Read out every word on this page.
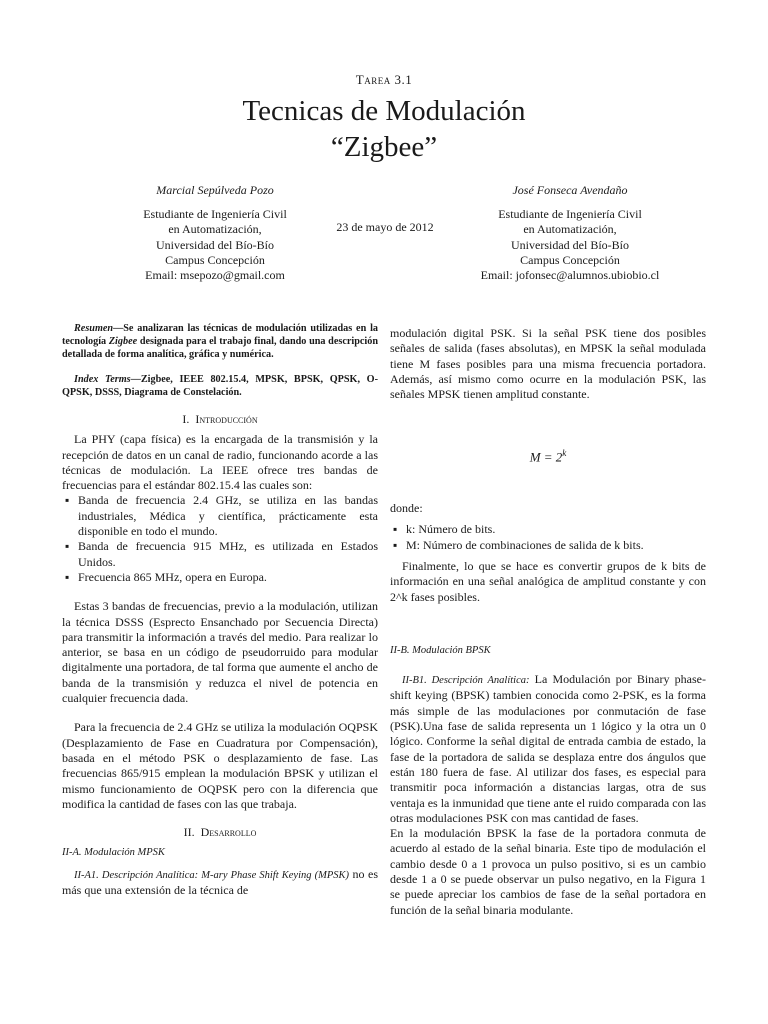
Tarea 3.1
Tecnicas de Modulación
“Zigbee”
Marcial Sepúlveda Pozo
Estudiante de Ingeniería Civil
en Automatización,
Universidad del Bío-Bío
Campus Concepción
Email: msepozo@gmail.com
23 de mayo de 2012
José Fonseca Avendaño
Estudiante de Ingeniería Civil
en Automatización,
Universidad del Bío-Bío
Campus Concepción
Email: jofonsec@alumnos.ubiobio.cl

Resumen—Se analizaran las técnicas de modulación utilizadas en la tecnología Zigbee designada para el trabajo final, dando una descripción detallada de forma analítica, gráfica y numérica.

Index Terms—Zigbee, IEEE 802.15.4, MPSK, BPSK, QPSK, O-QPSK, DSSS, Diagrama de Constelación.

I. Introducción

La PHY (capa física) es la encargada de la transmisión y la recepción de datos en un canal de radio, funcionando acorde a las técnicas de modulación. La IEEE ofrece tres bandas de frecuencias para el estándar 802.15.4 las cuales son:

▪ Banda de frecuencia 2.4 GHz, se utiliza en las bandas industriales, Médica y científica, prácticamente esta disponible en todo el mundo.
▪ Banda de frecuencia 915 MHz, es utilizada en Estados Unidos.
▪ Frecuencia 865 MHz, opera en Europa.

Estas 3 bandas de frecuencias, previo a la modulación, utilizan la técnica DSSS (Esprecto Ensanchado por Secuencia Directa) para transmitir la información a través del medio. Para realizar lo anterior, se basa en un código de pseudorruido para modular digitalmente una portadora, de tal forma que aumente el ancho de banda de la transmisión y reduzca el nivel de potencia en cualquier frecuencia dada.

Para la frecuencia de 2.4 GHz se utiliza la modulación OQPSK (Desplazamiento de Fase en Cuadratura por Compensación), basada en el método PSK o desplazamiento de fase. Las frecuencias 865/915 emplean la modulación BPSK y utilizan el mismo funcionamiento de OQPSK pero con la diferencia que modifica la cantidad de fases con las que trabaja.

II. Desarrollo
II-A. Modulación MPSK

II-A1. Descripción Analítica: M-ary Phase Shift Keying (MPSK) no es más que una extensión de la técnica de

modulación digital PSK. Si la señal PSK tiene dos posibles señales de salida (fases absolutas), en MPSK la señal modulada tiene M fases posibles para una misma frecuencia portadora. Además, así mismo como ocurre en la modulación PSK, las señales MPSK tienen amplitud constante.

$M = 2^k$

donde:

▪ k: Número de bits.
▪ M: Número de combinaciones de salida de k bits.

Finalmente, lo que se hace es convertir grupos de k bits de información en una señal analógica de amplitud constante y con 2^k fases posibles.

II-B. Modulación BPSK

II-B1. Descripción Analítica: La Modulación por Binary phase-shift keying (BPSK) tambien conocida como 2-PSK, es la forma más simple de las modulaciones por conmutación de fase (PSK).Una fase de salida representa un 1 lógico y la otra un 0 lógico. Conforme la señal digital de entrada cambia de estado, la fase de la portadora de salida se desplaza entre dos ángulos que están 180 fuera de fase. Al utilizar dos fases, es especial para transmitir poca información a distancias largas, otra de sus ventaja es la inmunidad que tiene ante el ruido comparada con las otras modulaciones PSK con mas cantidad de fases.

En la modulación BPSK la fase de la portadora conmuta de acuerdo al estado de la señal binaria. Este tipo de modulación el cambio desde 0 a 1 provoca un pulso positivo, si es un cambio desde 1 a 0 se puede observar un pulso negativo, en la Figura 1 se puede apreciar los cambios de fase de la señal portadora en función de la señal binaria modulante.
